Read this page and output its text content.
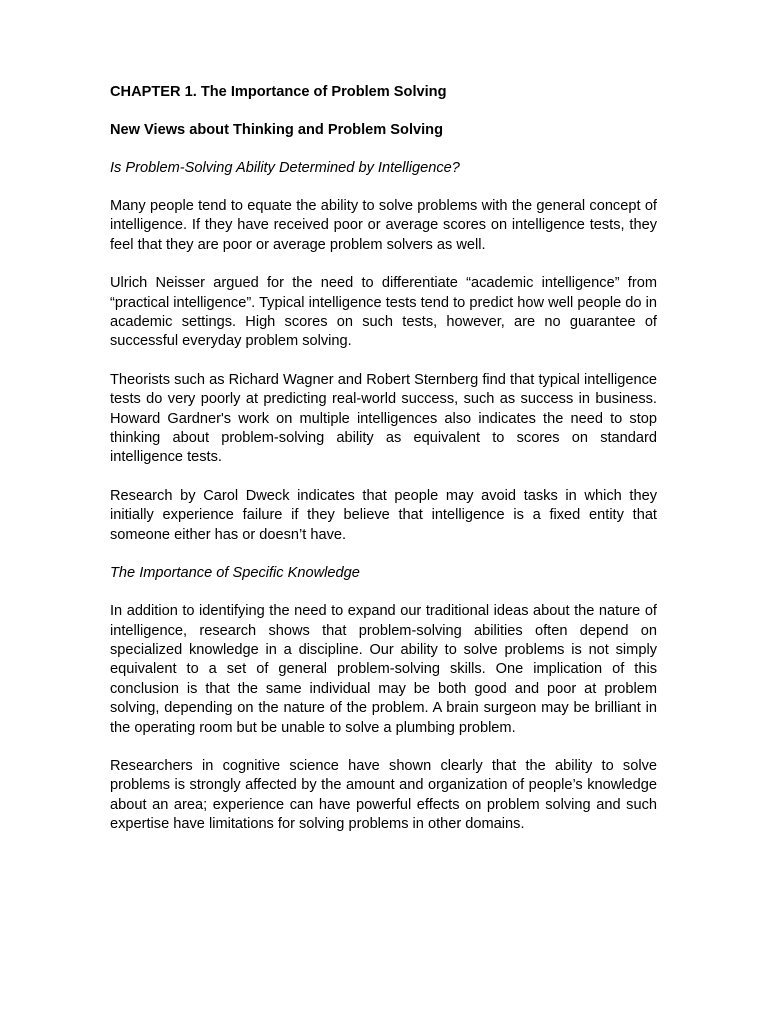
CHAPTER 1. The Importance of Problem Solving

New Views about Thinking and Problem Solving

Is Problem-Solving Ability Determined by Intelligence?

Many people tend to equate the ability to solve problems with the general concept of intelligence. If they have received poor or average scores on intelligence tests, they feel that they are poor or average problem solvers as well.

Ulrich Neisser argued for the need to differentiate “academic intelligence” from “practical intelligence”. Typical intelligence tests tend to predict how well people do in academic settings. High scores on such tests, however, are no guarantee of successful everyday problem solving.

Theorists such as Richard Wagner and Robert Sternberg find that typical intelligence tests do very poorly at predicting real-world success, such as success in business. Howard Gardner's work on multiple intelligences also indicates the need to stop thinking about problem-solving ability as equivalent to scores on standard intelligence tests.

Research by Carol Dweck indicates that people may avoid tasks in which they initially experience failure if they believe that intelligence is a fixed entity that someone either has or doesn’t have.

The Importance of Specific Knowledge

In addition to identifying the need to expand our traditional ideas about the nature of intelligence, research shows that problem-solving abilities often depend on specialized knowledge in a discipline. Our ability to solve problems is not simply equivalent to a set of general problem-solving skills. One implication of this conclusion is that the same individual may be both good and poor at problem solving, depending on the nature of the problem. A brain surgeon may be brilliant in the operating room but be unable to solve a plumbing problem.

Researchers in cognitive science have shown clearly that the ability to solve problems is strongly affected by the amount and organization of people’s knowledge about an area; experience can have powerful effects on problem solving and such expertise have limitations for solving problems in other domains.
